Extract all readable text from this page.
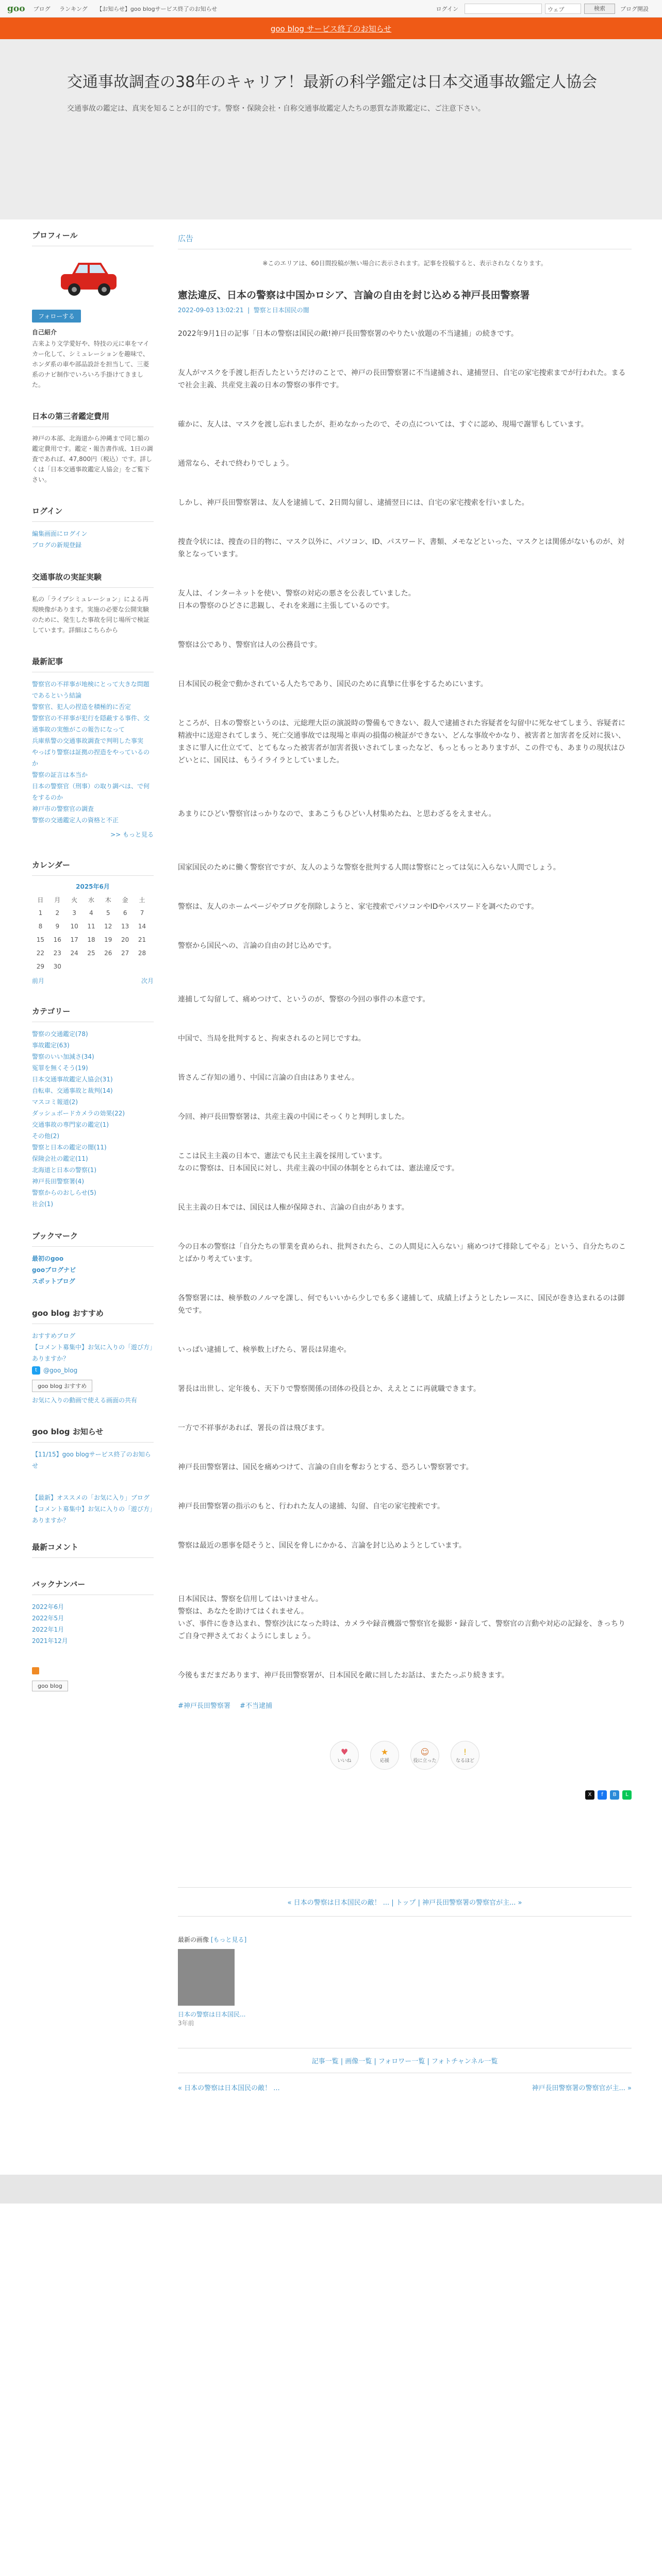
goo ブログ ランキング 【お知らせ】goo blogサービス終了のお知らせ	ログイン	ウェブ	検索	ブログ開設
goo blog サービス終了のお知らせ
交通事故調査の38年のキャリア！最新の科学鑑定は日本交通事故鑑定人協会

交通事故の鑑定は、真実を知ることが目的です。警察・保険会社・自称交通事故鑑定人たちの悪質な詐欺鑑定に、ご注意下さい。

プロフィール
フォローする
自己紹介

古来より文学愛好や、特技の元に車をマイカー化して、シミュレーションを趣味で、ホンダ系の車や部品設計を担当して、三菱系のナビ制作でいろいろ手掛けてきました。

日本の第三者鑑定費用

神戸の本部、北海道から沖縄まで同じ額の鑑定費用です。鑑定・報告書作成、1日の調査であれば、47,800円（税込）です。詳しくは「日本交通事故鑑定人協会」をご覧下さい。

ログイン
編集画面にログイン
ブログの新規登録
交通事故の実証実験

私の「ライブシミュレーション」による再現映像があります。実施の必要な公開実験のために、発生した事故を同じ場所で検証しています。詳細はこちらから

最新記事
警察官の不祥事が地検にとって大きな問題であるという結論
警察官、犯人の捏造を積極的に否定
警察官の不祥事が犯行を隠蔽する事件、交通事故の実態がこの報告になって
兵庫県警の交通事故調査で判明した事実
やっぱり警察は証拠の捏造をやっているのか
警察の証言は本当か
日本の警察官（刑事）の取り調べは、で何をするのか
神戸市の警察官の調査
警察の交通鑑定人の資格と不正
>> もっと見る
カレンダー
2025年6月
日	月	火	水	木	金	土
1	2	3	4	5	6	7
8	9	10	11	12	13	14
15	16	17	18	19	20	21
22	23	24	25	26	27	28
29	30					
前月	次月
カテゴリー
警察の交通鑑定(78)
事故鑑定(63)
警察のいい加減さ(34)
冤罪を無くそう(19)
日本交通事故鑑定人協会(31)
自転車、交通事故と裁判(14)
マスコミ報道(2)
ダッシュボードカメラの効果(22)
交通事故の専門家の鑑定(1)
その他(2)
警察と日本の鑑定の闇(11)
保険会社の鑑定(11)
北海道と日本の警察(1)
神戸長田警察署(4)
警察からのおしらせ(5)
社会(1)
ブックマーク
最初のgoo
gooブログナビ
スポットブログ
goo blog おすすめ
おすすめブログ
【コメント募集中】お気に入りの「遊び方」ありますか？
t	@goo_blog
goo blog おすすめ

お気に入りの動画で使える画面の共有

goo blog お知らせ
【11/15】goo blogサービス終了のお知らせ
【最新】オススメの「お気に入り」ブログ
【コメント募集中】お気に入りの「遊び方」ありますか？
最新コメント
バックナンバー
2022年6月
2022年5月
2022年1月
2021年12月
goo blog
広告

※このエリアは、60日間投稿が無い場合に表示されます。記事を投稿すると、表示されなくなります。

憲法違反、日本の警察は中国かロシア、言論の自由を封じ込める神戸長田警察署
2022-09-03 13:02:21  |  警察と日本国民の闇

2022年9月1日の記事「日本の警察は国民の敵!神戸長田警察署のやりたい放題の不当逮捕」の続きです。

友人がマスクを手渡し拒否したというだけのことで、神戸の長田警察署に不当逮捕され、逮捕翌日、自宅の家宅捜索までが行われた。まるで社会主義、共産党主義の日本の警察の事件です。

確かに、友人は、マスクを渡し忘れましたが、拒めなかったので、その点については、すぐに認め、現場で謝罪もしています。

通常なら、それで終わりでしょう。

しかし、神戸長田警察署は、友人を逮捕して、2日間勾留し、逮捕翌日には、自宅の家宅捜索を行いました。

捜査令状には、捜査の目的物に、マスク以外に、パソコン、ID、パスワード、書類、メモなどといった、マスクとは関係がないものが、対象となっています。

友人は、インターネットを使い、警察の対応の悪さを公表していました。

日本の警察のひどさに悲観し、それを来週に主張しているのです。

警察は公であり、警察官は人の公務員です。

日本国民の税金で動かされている人たちであり、国民のために真摯に仕事をするためにいます。

ところが、日本の警察というのは、元総理大臣の演説時の警備もできない、殺人で逮捕された容疑者を勾留中に死なせてしまう、容疑者に精液中に送迎されてしまう、死亡交通事故では現場と車両の損傷の検証ができない、どんな事故やかなり、被害者と加害者を反対に扱い、まさに罪人に仕立てて、とてもなった被害者が加害者扱いされてしまったなど、もっともっとありますが、この件でも、あまりの現状はひどいとに、国民は、もうイライラとしていました。

あまりにひどい警察官はっかりなので、まあこうもひどい人材集めたね、と思わざるをえません。

国家国民のために働く警察官ですが、友人のような警察を批判する人間は警察にとっては気に入らない人間でしょう。

警察は、友人のホームページやブログを削除しようと、家宅捜索でパソコンやIDやパスワードを調べたのです。

警察から国民への、言論の自由の封じ込めです。

連捕して勾留して、痛めつけて、というのが、警察の今回の事件の本意です。

中国で、当局を批判すると、拘束されるのと同じですね。

皆さんご存知の通り、中国に言論の自由はありません。

今回、神戸長田警察署は、共産主義の中国にそっくりと判明しました。

ここは民主主義の日本で、憲法でも民主主義を採用しています。

なのに警察は、日本国民に対し、共産主義の中国の体制をとられては、憲法違反です。

民主主義の日本では、国民は人権が保障され、言論の自由があります。

今の日本の警察は「自分たちの罪業を責められ、批判されたら、この人間見に入らない」痛めつけて排除してやる」という、自分たちのことばかり考えています。

各警察署には、検挙数のノルマを課し、何でもいいから少しでも多く逮捕して、成績上げようとしたレースに、国民が巻き込まれるのは御免です。

いっぱい逮捕して、検挙数上げたら、署長は昇進や。

署長は出世し、定年後も、天下りで警察関係の団体の役員とか、ええとこに再就職できます。

一方で不祥事があれば、署長の首は飛びます。

神戸長田警察署は、国民を痛めつけて、言論の自由を奪おうとする、恐ろしい警察署です。

神戸長田警察署の指示のもと、行われた友人の逮捕、勾留、自宅の家宅捜索です。

警察は最近の悪事を隠そうと、国民を脅しにかかる、言論を封じ込めようとしています。

日本国民は、警察を信用してはいけません。

警察は、あなたを助けてはくれません。

いざ、事件に巻き込まれ、警察沙汰になった時は、カメラや録音機器で警察官を撮影・録音して、警察官の言動や対応の記録を、きっちりご自身で押さえておくようにしましょう。

今後もまだまだあります、神戸長田警察署が、日本国民を敵に回したお話は、またたっぷり続きます。

#神戸長田警察署 #不当逮捕
♥
いいね
★
応援
☺
役に立った
!
なるほど
X	f	B	L
« 日本の警察は日本国民の敵！ ... | トップ | 神戸長田警察署の警察官が主... »
最新の画像 [もっと見る]
日本の警察は日本国民...
3年前
記事一覧 | 画像一覧 | フォロワー一覧 | フォトチャンネル一覧
« 日本の警察は日本国民の敵！ ...	神戸長田警察署の警察官が主... »
